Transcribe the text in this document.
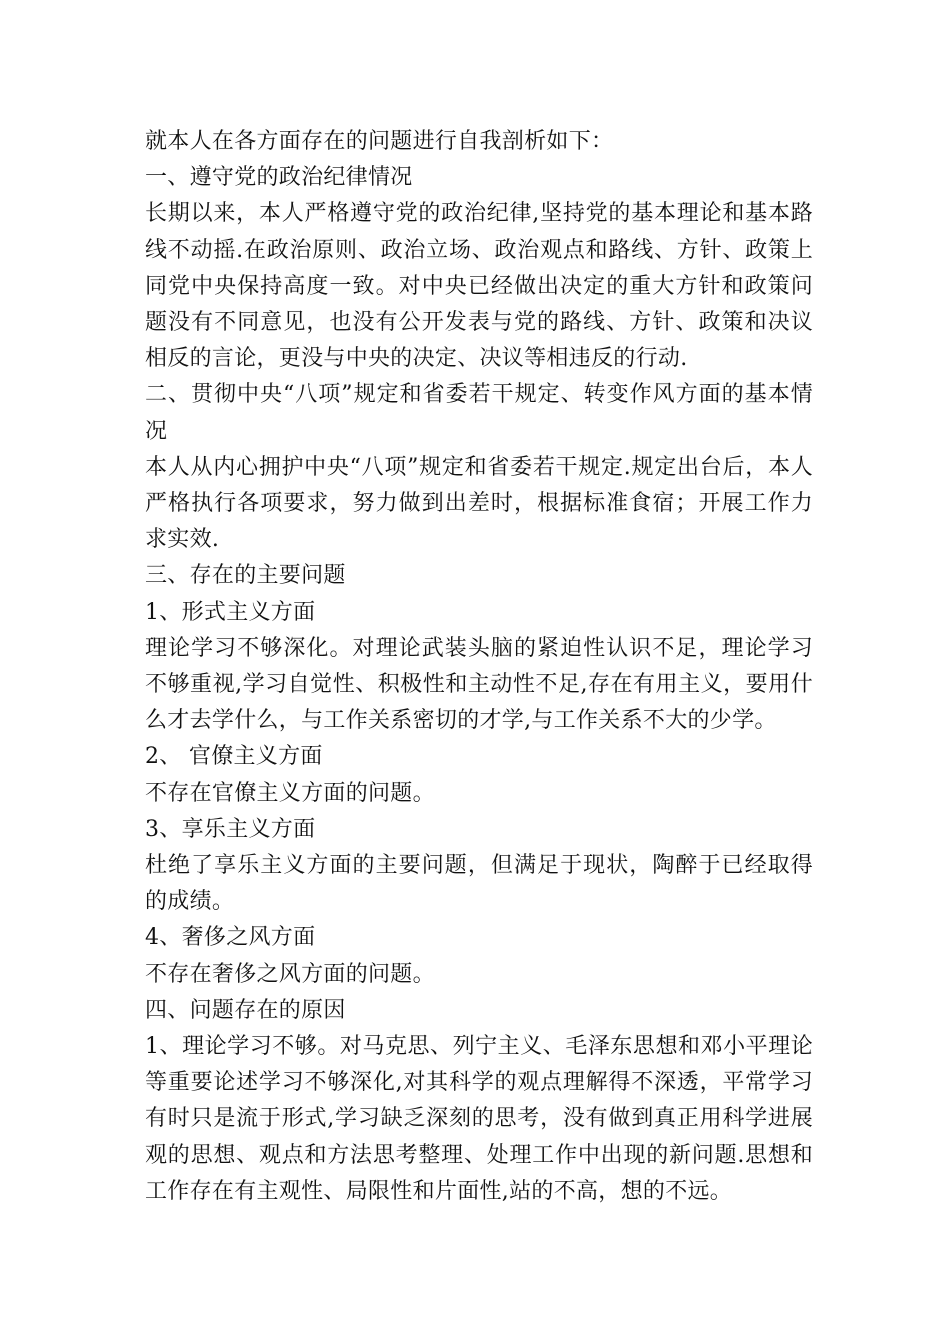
就本人在各方面存在的问题进行自我剖析如下：

一、遵守党的政治纪律情况

长期以来，本人严格遵守党的政治纪律,坚持党的基本理论和基本路线不动摇.在政治原则、政治立场、政治观点和路线、方针、政策上同党中央保持高度一致。对中央已经做出决定的重大方针和政策问题没有不同意见，也没有公开发表与党的路线、方针、政策和决议相反的言论，更没与中央的决定、决议等相违反的行动.

二、贯彻中央“八项”规定和省委若干规定、转变作风方面的基本情况

本人从内心拥护中央“八项”规定和省委若干规定.规定出台后，本人严格执行各项要求，努力做到出差时，根据标准食宿；开展工作力求实效.

三、存在的主要问题

1、形式主义方面

理论学习不够深化。对理论武装头脑的紧迫性认识不足，理论学习不够重视,学习自觉性、积极性和主动性不足,存在有用主义，要用什么才去学什么，与工作关系密切的才学,与工作关系不大的少学。

2、 官僚主义方面

不存在官僚主义方面的问题。

3、享乐主义方面

杜绝了享乐主义方面的主要问题，但满足于现状，陶醉于已经取得的成绩。

4、奢侈之风方面

不存在奢侈之风方面的问题。

四、问题存在的原因

1、理论学习不够。对马克思、列宁主义、毛泽东思想和邓小平理论等重要论述学习不够深化,对其科学的观点理解得不深透，平常学习有时只是流于形式,学习缺乏深刻的思考，没有做到真正用科学进展观的思想、观点和方法思考整理、处理工作中出现的新问题.思想和工作存在有主观性、局限性和片面性,站的不高，想的不远。
